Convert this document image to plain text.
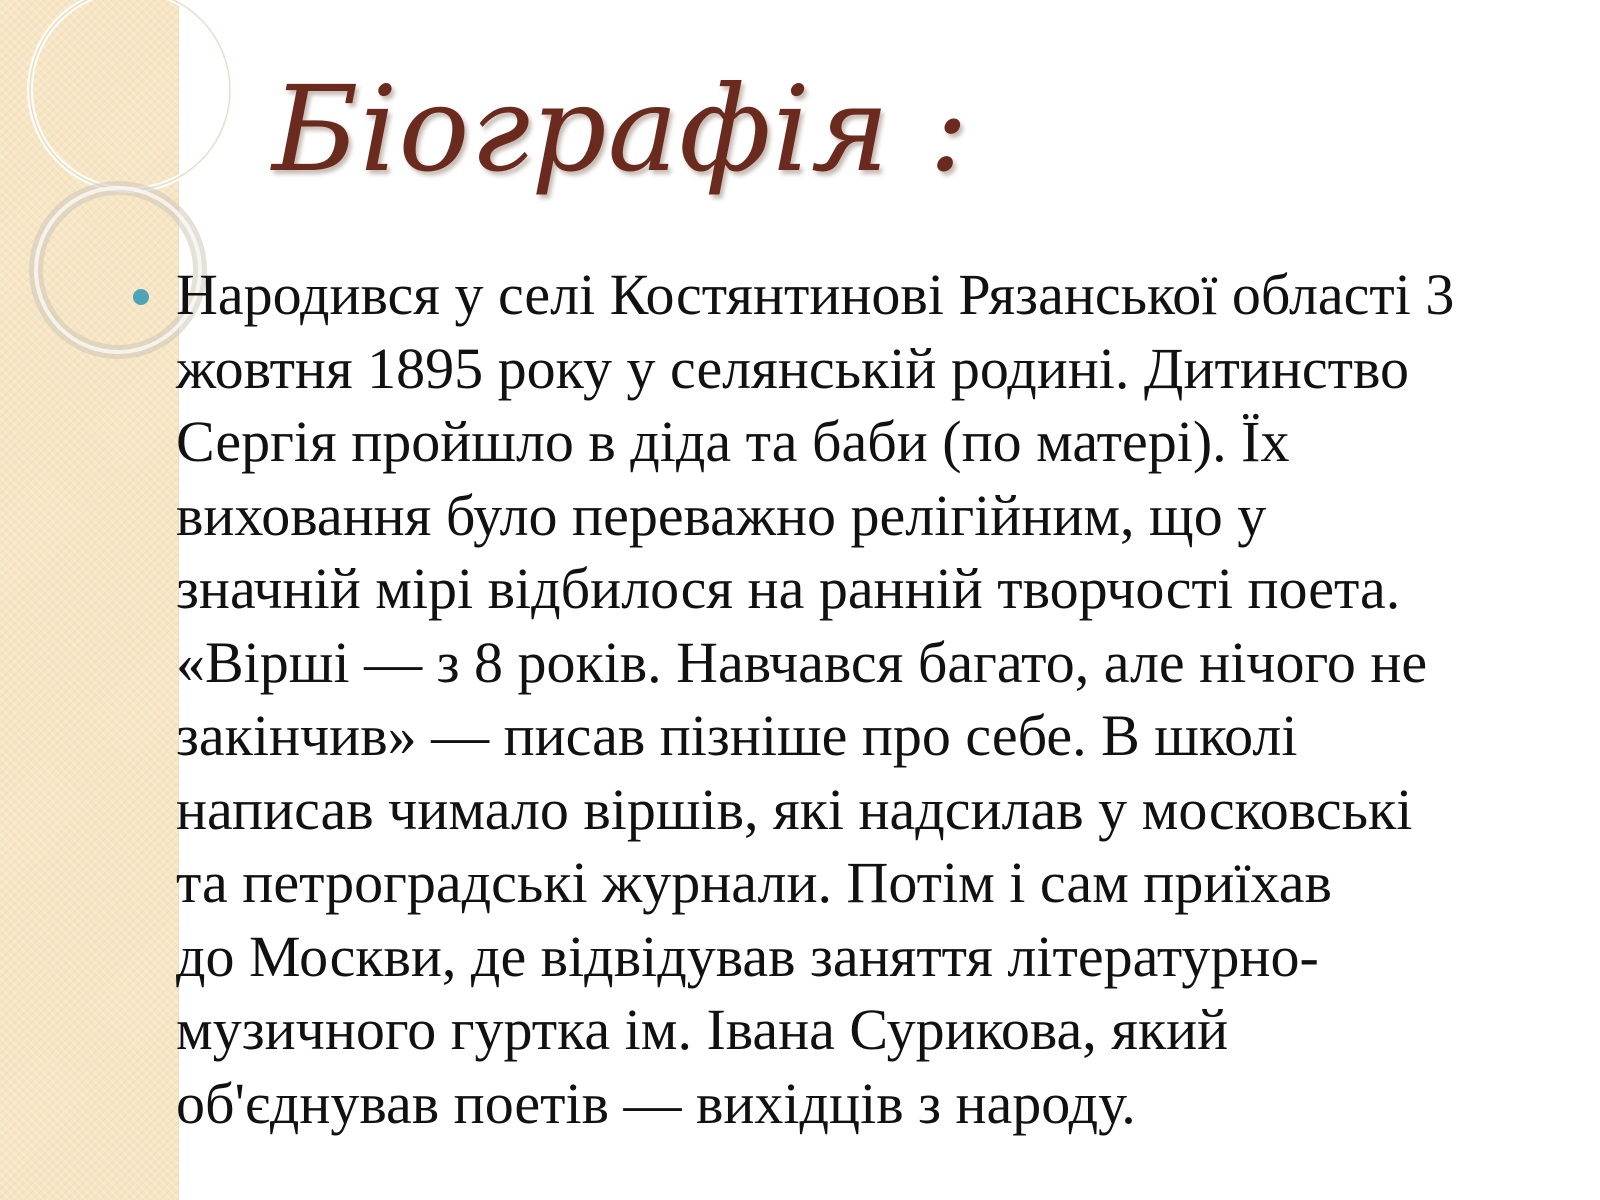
Біографія :
Народився у селі Костянтинові Рязанської області 3
жовтня 1895 року у селянській родині. Дитинство
Сергія пройшло в діда та баби (по матері). Їх
виховання було переважно релігійним, що у
значній мірі відбилося на ранній творчості поета.
«Вірші — з 8 років. Навчався багато, але нічого не
закінчив» — писав пізніше про себе. В школі
написав чимало віршів, які надсилав у московські
та петроградські журнали. Потім і сам приїхав
до Москви, де відвідував заняття літературно-
музичного гуртка ім. Івана Сурикова, який
об'єднував поетів — вихідців з народу.
